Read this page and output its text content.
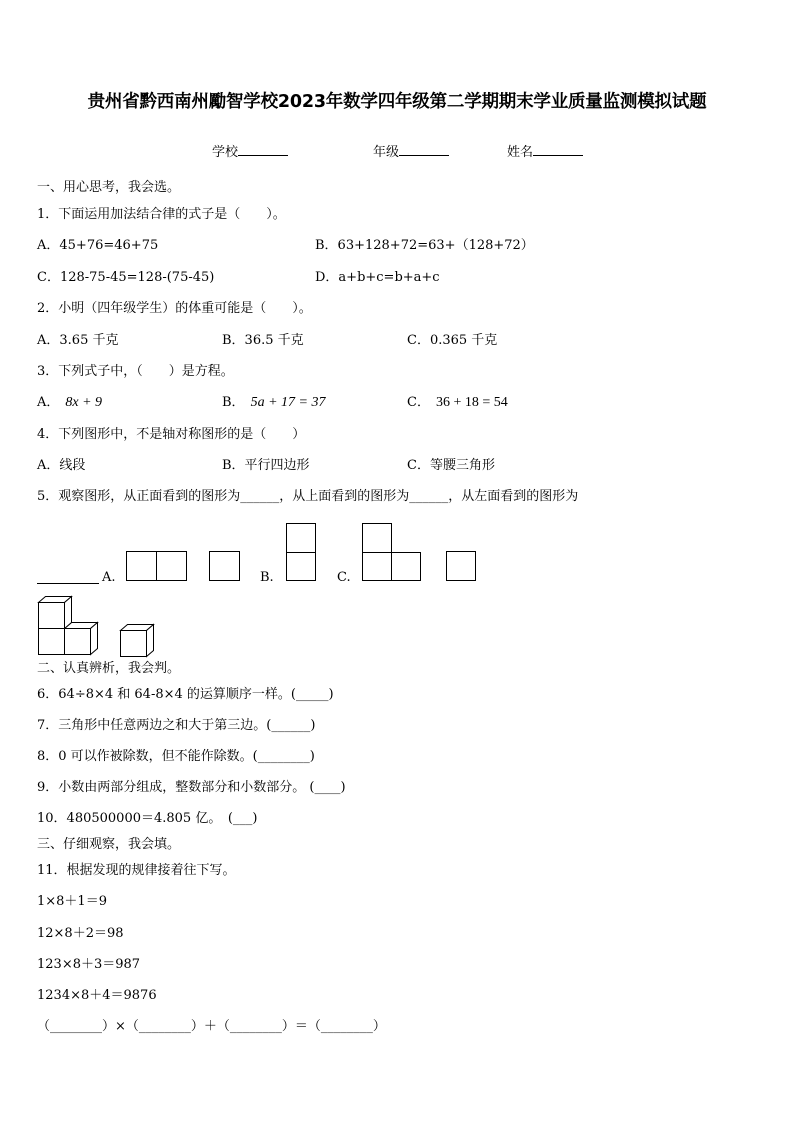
贵州省黔西南州勵智学校2023年数学四年级第二学期期末学业质量监测模拟试题
学校	年级	姓名
一、用心思考，我会选。
1．下面运用加法结合律的式子是（　　）。
A．45+76=46+75	B．63+128+72=63+（128+72）
C．128-75-45=128-(75-45)	D．a+b+c=b+a+c
2．小明（四年级学生）的体重可能是（　　）。
A．3.65 千克	B．36.5 千克	C．0.365 千克
3．下列式子中，（　　）是方程。
A． 8x + 9	B． 5a + 17 = 37	C． 36 + 18 = 54
4．下列图形中，不是轴对称图形的是（　　）
A．线段	B．平行四边形	C．等腰三角形
5．观察图形，从正面看到的图形为______，从上面看到的图形为______，从左面看到的图形为
A.	B.	C.
二、认真辨析，我会判。
6．64÷8×4 和 64-8×4 的运算顺序一样。(_____)
7．三角形中任意两边之和大于第三边。(______)
8．0 可以作被除数，但不能作除数。(________)
9．小数由两部分组成，整数部分和小数部分。 (____)
10．480500000＝4.805 亿。　(___)
三、仔细观察，我会填。
11．根据发现的规律接着往下写。
1×8＋1＝9
12×8＋2＝98
123×8＋3＝987
1234×8＋4＝9876
（________）×（________）＋（________）＝（________）
